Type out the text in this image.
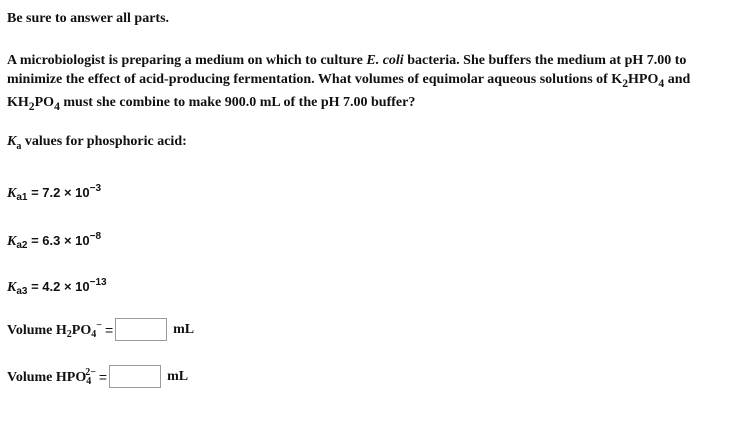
Be sure to answer all parts.
A microbiologist is preparing a medium on which to culture E. coli bacteria. She buffers the medium at pH 7.00 to minimize the effect of acid-producing fermentation. What volumes of equimolar aqueous solutions of $K_2HPO_4$ and $KH_2PO_4$ must she combine to make 900.0 mL of the pH 7.00 buffer?
$K_a$ values for phosphoric acid:
$K_{a1} = 7.2 \times 10^{-3}$
$K_{a2} = 6.3 \times 10^{-8}$
$K_{a3} = 4.2 \times 10^{-13}$
Volume $H_2PO_4^-$ =	mL
Volume $HPO_4^{2-}$ =	mL
